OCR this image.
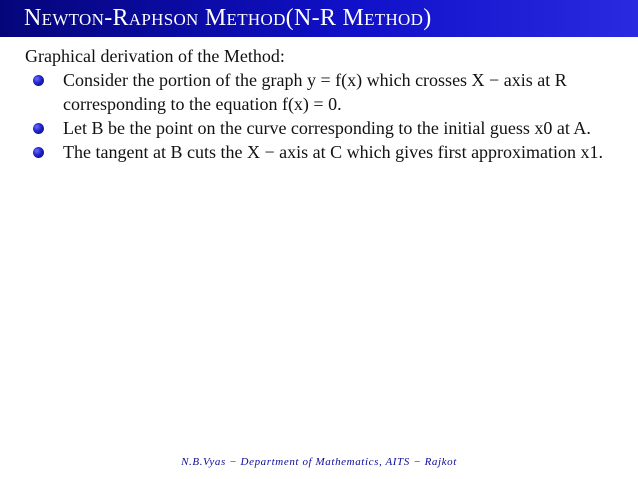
Newton-Raphson Method(N-R Method)
Graphical derivation of the Method:
Consider the portion of the graph y = f(x) which crosses X − axis at R corresponding to the equation f(x) = 0.
Let B be the point on the curve corresponding to the initial guess x0 at A.
The tangent at B cuts the X − axis at C which gives first approximation x1.
N.B.Vyas − Department of Mathematics, AITS − Rajkot
